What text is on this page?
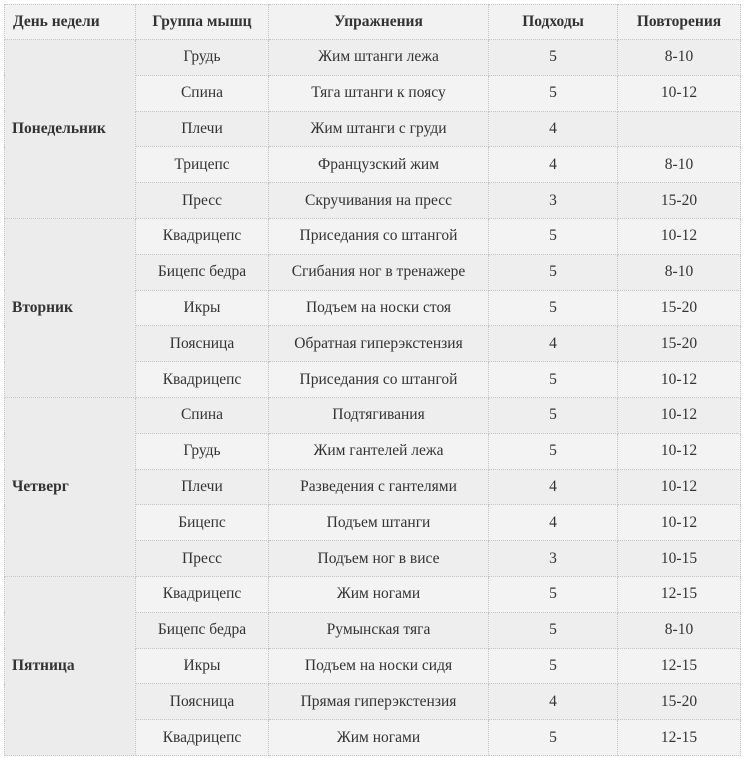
День недели	Группа мышц	Упражнения	Подходы	Повторения
Понедельник	Грудь	Жим штанги лежа	5	8-10
	Спина	Тяга штанги к поясу	5	10-12
	Плечи	Жим штанги с груди	4	
	Трицепс	Французский жим	4	8-10
	Пресс	Скручивания на пресс	3	15-20
Вторник	Квадрицепс	Приседания со штангой	5	10-12
	Бицепс бедра	Сгибания ног в тренажере	5	8-10
	Икры	Подъем на носки стоя	5	15-20
	Поясница	Обратная гиперэкстензия	4	15-20
	Квадрицепс	Приседания со штангой	5	10-12
Четверг	Спина	Подтягивания	5	10-12
	Грудь	Жим гантелей лежа	5	10-12
	Плечи	Разведения с гантелями	4	10-12
	Бицепс	Подъем штанги	4	10-12
	Пресс	Подъем ног в висе	3	10-15
Пятница	Квадрицепс	Жим ногами	5	12-15
	Бицепс бедра	Румынская тяга	5	8-10
	Икры	Подъем на носки сидя	5	12-15
	Поясница	Прямая гиперэкстензия	4	15-20
	Квадрицепс	Жим ногами	5	12-15
